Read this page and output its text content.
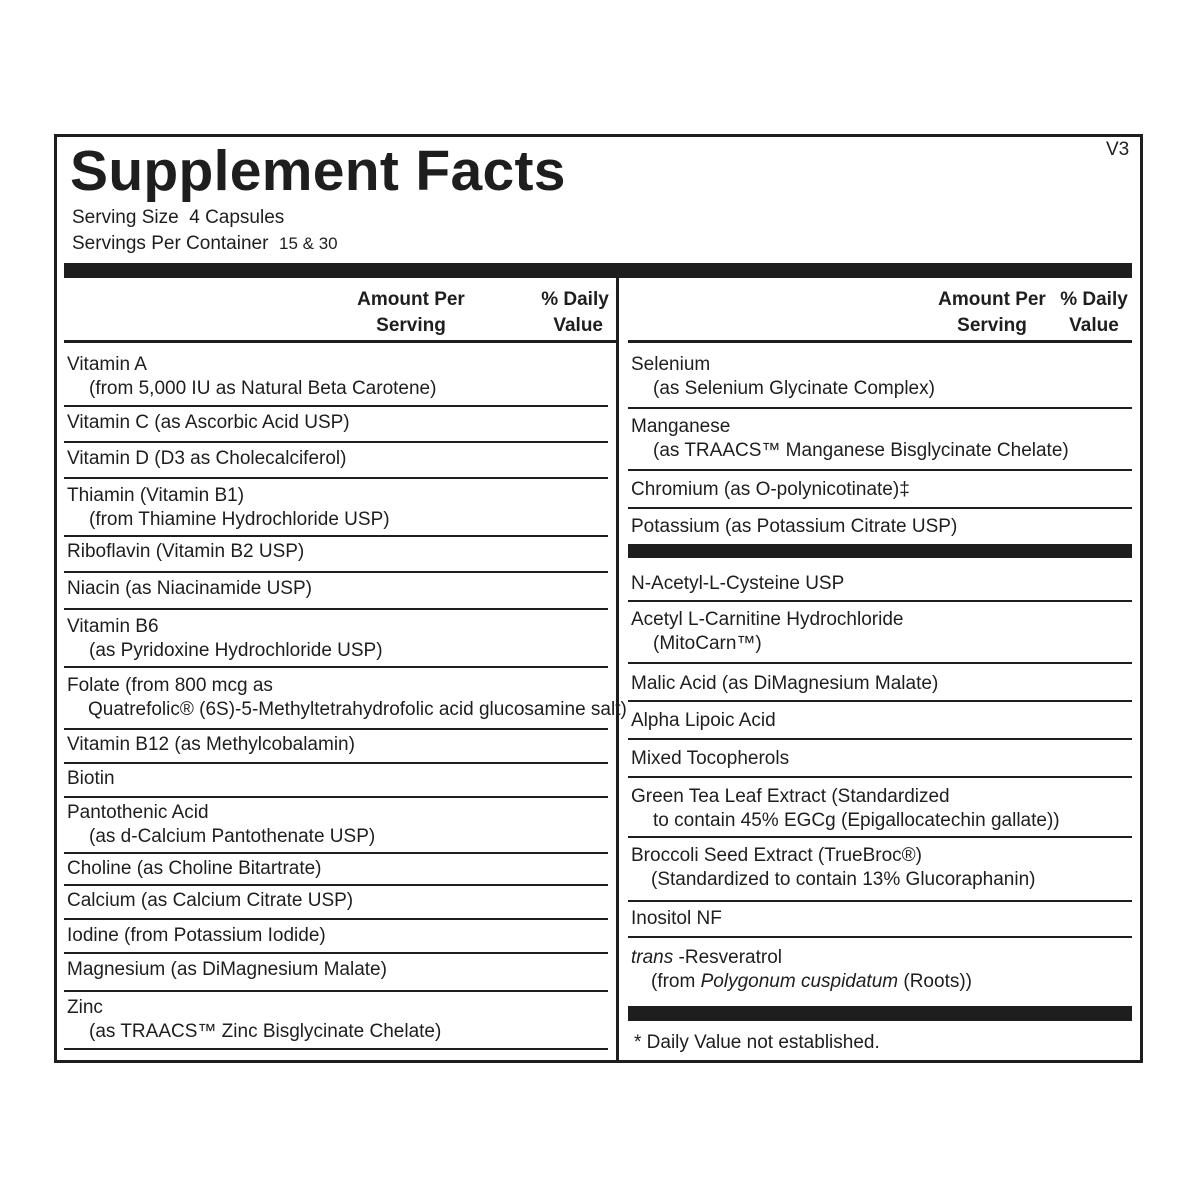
Supplement Facts	V3
Serving Size 4 Capsules
Servings Per Container 15 & 30
Amount Per
Serving
% Daily
Value
Amount Per
Serving
% Daily
Value
Vitamin A
(from 5,000 IU as Natural Beta Carotene)
Vitamin C (as Ascorbic Acid USP)
Vitamin D (D3 as Cholecalciferol)
Thiamin (Vitamin B1)
(from Thiamine Hydrochloride USP)
Riboflavin (Vitamin B2 USP)
Niacin (as Niacinamide USP)
Vitamin B6
(as Pyridoxine Hydrochloride USP)
Folate (from 800 mcg as
Quatrefolic® (6S)-5-Methyltetrahydrofolic acid glucosamine salt)
Vitamin B12 (as Methylcobalamin)
Biotin
Pantothenic Acid
(as d-Calcium Pantothenate USP)
Choline (as Choline Bitartrate)
Calcium (as Calcium Citrate USP)
Iodine (from Potassium Iodide)
Magnesium (as DiMagnesium Malate)
Zinc
(as TRAACS™ Zinc Bisglycinate Chelate)
Selenium
(as Selenium Glycinate Complex)
Manganese
(as TRAACS™ Manganese Bisglycinate Chelate)
Chromium (as O-polynicotinate)‡
Potassium (as Potassium Citrate USP)
N-Acetyl-L-Cysteine USP
Acetyl L-Carnitine Hydrochloride
(MitoCarn™)
Malic Acid (as DiMagnesium Malate)
Alpha Lipoic Acid
Mixed Tocopherols
Green Tea Leaf Extract (Standardized
to contain 45% EGCg (Epigallocatechin gallate))
Broccoli Seed Extract (TrueBroc®)
(Standardized to contain 13% Glucoraphanin)
Inositol NF
trans -Resveratrol
(from Polygonum cuspidatum (Roots))
* Daily Value not established.
